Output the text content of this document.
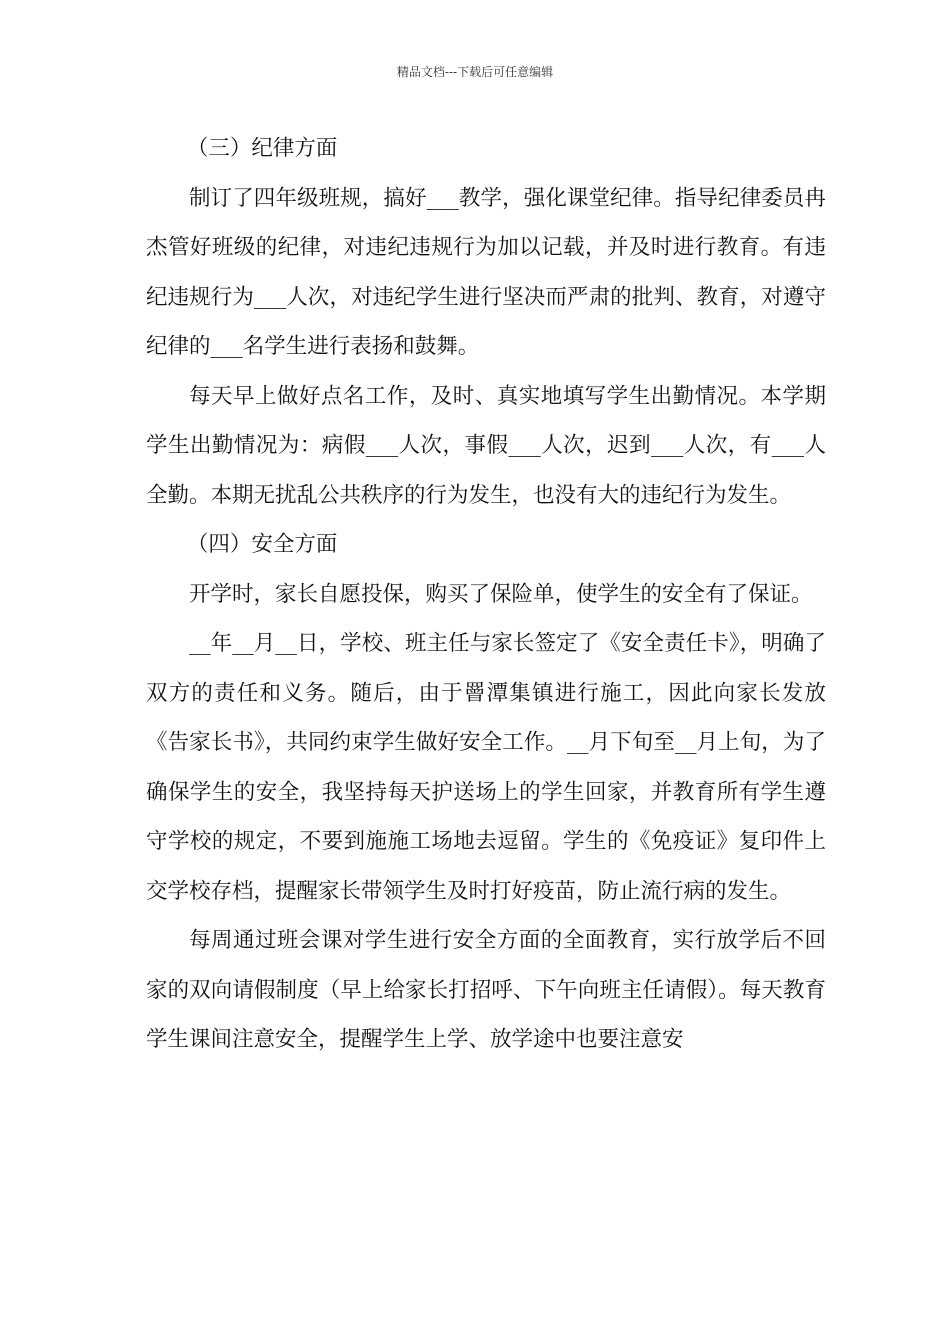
精品文档---下载后可任意编辑

（三）纪律方面

制订了四年级班规，搞好___教学，强化课堂纪律。指导纪律委员冉杰管好班级的纪律，对违纪违规行为加以记载，并及时进行教育。有违纪违规行为___人次，对违纪学生进行坚决而严肃的批判、教育，对遵守纪律的___名学生进行表扬和鼓舞。

每天早上做好点名工作，及时、真实地填写学生出勤情况。本学期学生出勤情况为：病假___人次，事假___人次，迟到___人次，有___人全勤。本期无扰乱公共秩序的行为发生，也没有大的违纪行为发生。

（四）安全方面

开学时，家长自愿投保，购买了保险单，使学生的安全有了保证。

__年__月__日，学校、班主任与家长签定了《安全责任卡》，明确了双方的责任和义务。随后，由于罾潭集镇进行施工，因此向家长发放《告家长书》，共同约束学生做好安全工作。__月下旬至__月上旬，为了确保学生的安全，我坚持每天护送场上的学生回家，并教育所有学生遵守学校的规定，不要到施施工场地去逗留。学生的《免疫证》复印件上交学校存档，提醒家长带领学生及时打好疫苗，防止流行病的发生。

每周通过班会课对学生进行安全方面的全面教育，实行放学后不回家的双向请假制度（早上给家长打招呼、下午向班主任请假）。每天教育学生课间注意安全，提醒学生上学、放学途中也要注意安
